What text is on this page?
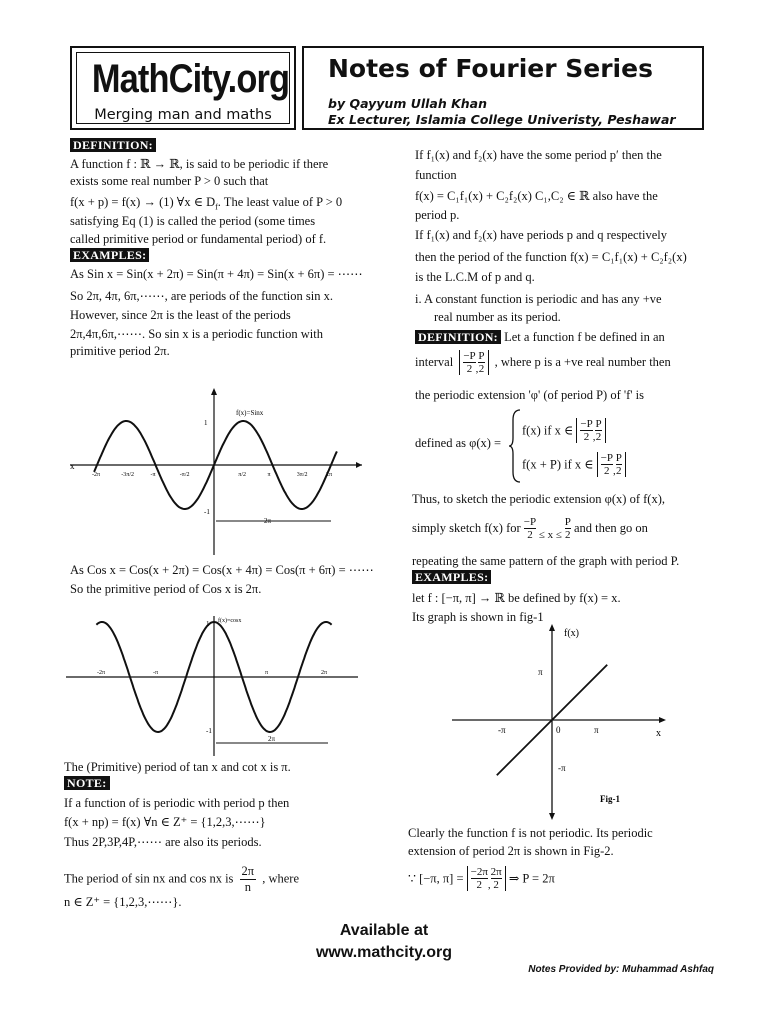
MathCity.org
Merging man and maths
Notes of Fourier Series
by Qayyum Ullah Khan
Ex Lecturer, Islamia College Univeristy, Peshawar
DEFINITION:
A function f : ℝ → ℝ, is said to be periodic if there
exists some real number P > 0 such that
f(x + p) = f(x) → (1) ∀x ∈ $D_f$. The least value of P > 0
satisfying Eq (1) is called the period (some times
called primitive period or fundamental period) of f.
EXAMPLES:
As Sin x = Sin(x + 2π) = Sin(π + 4π) = Sin(x + 6π) = ⋯⋯
So 2π, 4π, 6π,⋯⋯, are periods of the function sin x.
However, since 2π is the least of the periods
2π,4π,6π,⋯⋯. So sin x is a periodic function with
primitive period 2π.
-2π	-3π/2	-π	-π/2	π/2	π	3π/2	2π
x
f(x)=Sinx
1
-1
2π
As Cos x = Cos(x + 2π) = Cos(x + 4π) = Cos(π + 6π) = ⋯⋯
So the primitive period of Cos x is 2π.
-2π	-π	π	2π
f(x)=cosx
1
-1
2π
The (Primitive) period of tan x and cot x is π.
NOTE:
If a function of is periodic with period p then
f(x + np) = f(x) ∀n ∈ Z⁺ = {1,2,3,⋯⋯}
Thus 2P,3P,4P,⋯⋯ are also its periods.
The period of sin nx and cos nx is $\frac{2\pi}{n}$ , where
n ∈ Z⁺ = {1,2,3,⋯⋯}.
If f₁(x) and f₂(x) have the some period p′ then the
function
f(x) = C₁f₁(x) + C₂f₂(x) C₁,C₂ ∈ ℝ also have the
period p.
If f₁(x) and f₂(x) have periods p and q respectively
then the period of the function f(x) = C₁f₁(x) + C₂f₂(x)
is the L.C.M of p and q.
i. A constant function is periodic and has any +ve
real number as its period.
DEFINITION: Let a function f be defined in an
interval $\frac{-P}{2}$ , $\frac{P}{2}$ , where p is a +ve real number then
the periodic extension 'φ' (of period P) of 'f' is
defined as φ(x) =
f(x) if x ∈ $\frac{-P}{2}$ , $\frac{P}{2}$
f(x + P) if x ∈ $\frac{-P}{2}$ , $\frac{P}{2}$
Thus, to sketch the periodic extension φ(x) of f(x),
simply sketch f(x) for $\frac{-P}{2} \le x \le \frac{P}{2}$ and then go on
repeating the same pattern of the graph with period P.
EXAMPLES:
let f : [−π, π] → ℝ be defined by f(x) = x.
Its graph is shown in fig-1
-π	0	π
π
-π
f(x)
x
Fig-1
Clearly the function f is not periodic. Its periodic
extension of period 2π is shown in Fig-2.
∵ [−π, $\pi] = \frac{-2\pi}{2}$ , $\frac{2\pi}{2}$ ⇒ P = 2π
Available at
www.mathcity.org
Notes Provided by: Muhammad Ashfaq
